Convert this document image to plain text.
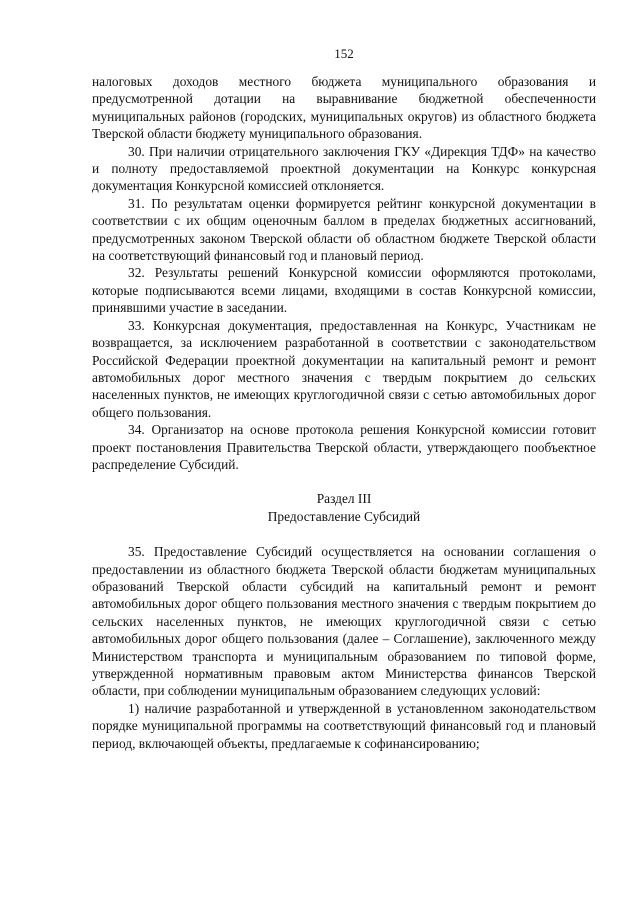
152

налоговых доходов местного бюджета муниципального образования и предусмотренной дотации на выравнивание бюджетной обеспеченности муниципальных районов (городских, муниципальных округов) из областного бюджета Тверской области бюджету муниципального образования.

30. При наличии отрицательного заключения ГКУ «Дирекция ТДФ» на качество и полноту предоставляемой проектной документации на Конкурс конкурсная документация Конкурсной комиссией отклоняется.

31. По результатам оценки формируется рейтинг конкурсной документации в соответствии с их общим оценочным баллом в пределах бюджетных ассигнований, предусмотренных законом Тверской области об областном бюджете Тверской области на соответствующий финансовый год и плановый период.

32. Результаты решений Конкурсной комиссии оформляются протоколами, которые подписываются всеми лицами, входящими в состав Конкурсной комиссии, принявшими участие в заседании.

33. Конкурсная документация, предоставленная на Конкурс, Участникам не возвращается, за исключением разработанной в соответствии с законодательством Российской Федерации проектной документации на капитальный ремонт и ремонт автомобильных дорог местного значения с твердым покрытием до сельских населенных пунктов, не имеющих круглогодичной связи с сетью автомобильных дорог общего пользования.

34. Организатор на основе протокола решения Конкурсной комиссии готовит проект постановления Правительства Тверской области, утверждающего пообъектное распределение Субсидий.

Раздел III
Предоставление Субсидий

35. Предоставление Субсидий осуществляется на основании соглашения о предоставлении из областного бюджета Тверской области бюджетам муниципальных образований Тверской области субсидий на капитальный ремонт и ремонт автомобильных дорог общего пользования местного значения с твердым покрытием до сельских населенных пунктов, не имеющих круглогодичной связи с сетью автомобильных дорог общего пользования (далее – Соглашение), заключенного между Министерством транспорта и муниципальным образованием по типовой форме, утвержденной нормативным правовым актом Министерства финансов Тверской области, при соблюдении муниципальным образованием следующих условий:

1) наличие разработанной и утвержденной в установленном законодательством порядке муниципальной программы на соответствующий финансовый год и плановый период, включающей объекты, предлагаемые к софинансированию;
